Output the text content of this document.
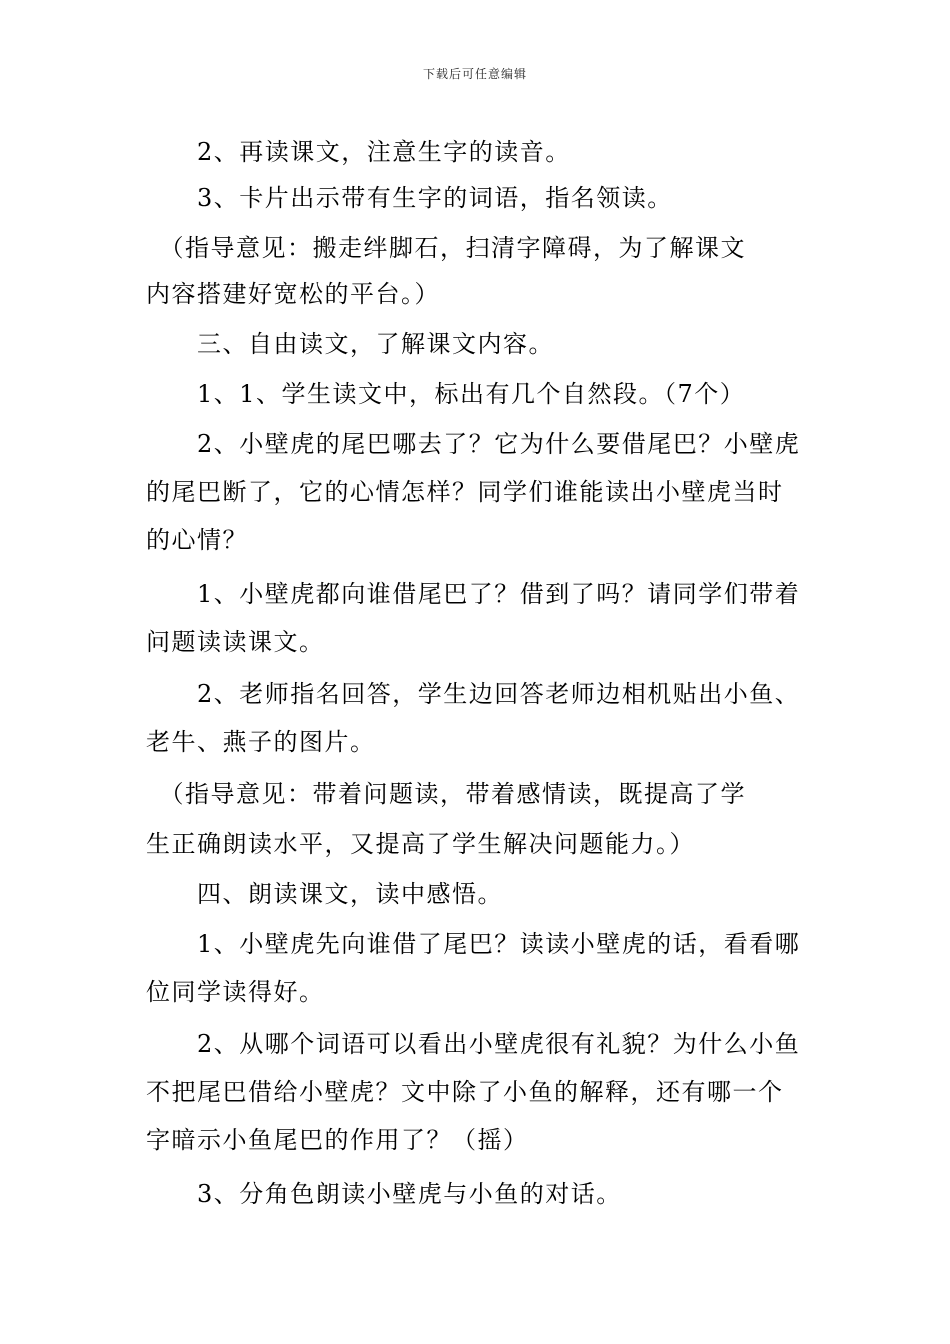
下载后可任意编辑
　　2、再读课文，注意生字的读音。
　　3、卡片出示带有生字的词语，指名领读。
　（指导意见：搬走绊脚石，扫清字障碍，为了解课文
内容搭建好宽松的平台。）
　　三、自由读文，了解课文内容。
　　1、1、学生读文中，标出有几个自然段。（7个）
　　2、小壁虎的尾巴哪去了？它为什么要借尾巴？小壁虎
的尾巴断了，它的心情怎样？同学们谁能读出小壁虎当时
的心情？
　　1、小壁虎都向谁借尾巴了？借到了吗？请同学们带着
问题读读课文。
　　2、老师指名回答，学生边回答老师边相机贴出小鱼、
老牛、燕子的图片。
　（指导意见：带着问题读，带着感情读，既提高了学
生正确朗读水平，又提高了学生解决问题能力。）
　　四、朗读课文，读中感悟。
　　1、小壁虎先向谁借了尾巴？读读小壁虎的话，看看哪
位同学读得好。
　　2、从哪个词语可以看出小壁虎很有礼貌？为什么小鱼
不把尾巴借给小壁虎？文中除了小鱼的解释，还有哪一个
字暗示小鱼尾巴的作用了？（摇）
　　3、分角色朗读小壁虎与小鱼的对话。
